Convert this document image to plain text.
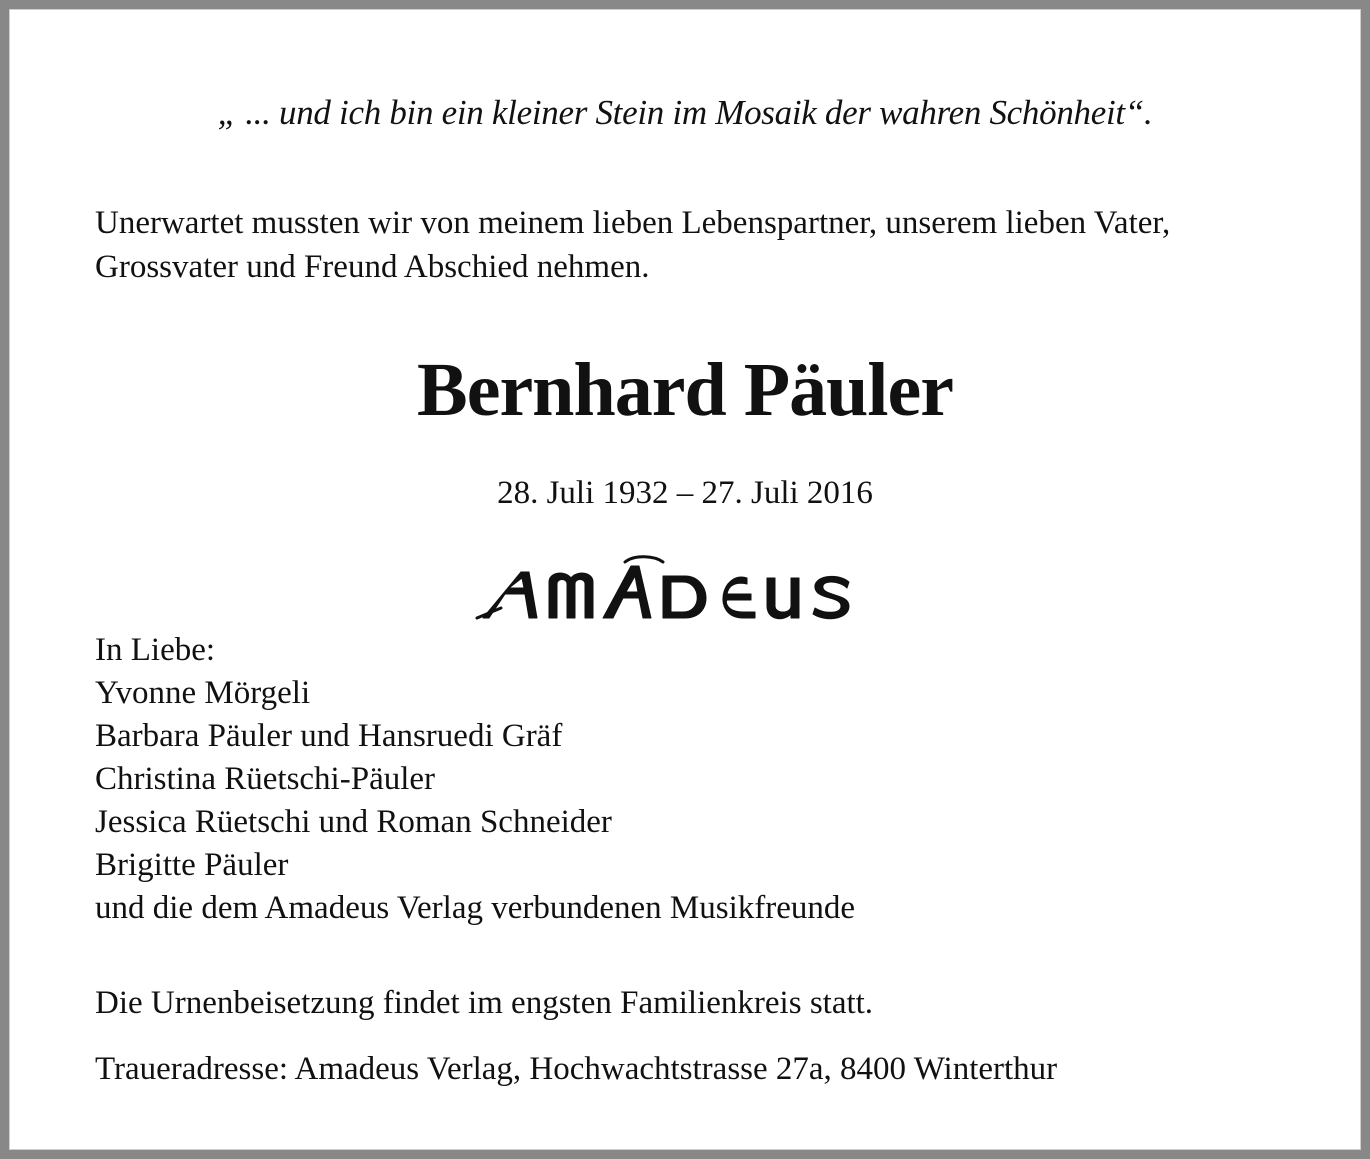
„ ... und ich bin ein kleiner Stein im Mosaik der wahren Schönheit“.
Unerwartet mussten wir von meinem lieben Lebenspartner, unserem lieben Vater,
Grossvater und Freund Abschied nehmen.
Bernhard Päuler
28. Juli 1932 – 27. Juli 2016
AMADEUS
In Liebe:
Yvonne Mörgeli
Barbara Päuler und Hansruedi Gräf
Christina Rüetschi-Päuler
Jessica Rüetschi und Roman Schneider
Brigitte Päuler
und die dem Amadeus Verlag verbundenen Musikfreunde
Die Urnenbeisetzung findet im engsten Familienkreis statt.
Traueradresse: Amadeus Verlag, Hochwachtstrasse 27a, 8400 Winterthur
